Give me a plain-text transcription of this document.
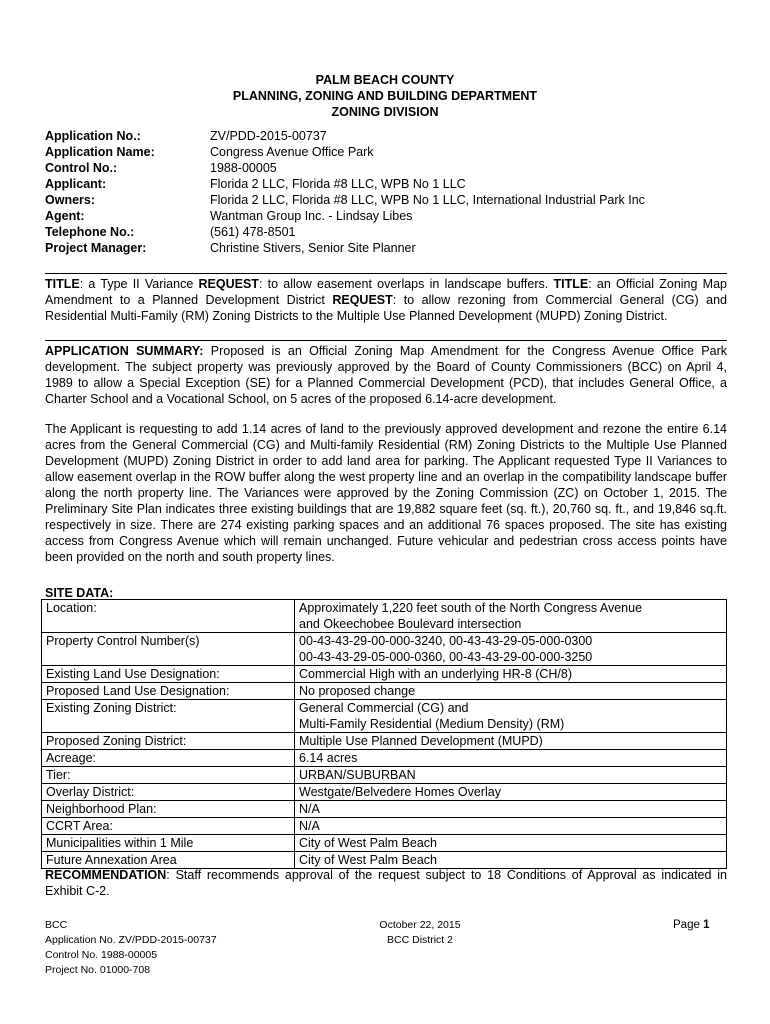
PALM BEACH COUNTY
PLANNING, ZONING AND BUILDING DEPARTMENT
ZONING DIVISION
Application No.:	ZV/PDD-2015-00737
Application Name:	Congress Avenue Office Park
Control No.:	1988-00005
Applicant:	Florida 2 LLC, Florida #8 LLC, WPB No 1 LLC
Owners:	Florida 2 LLC, Florida #8 LLC, WPB No 1 LLC, International Industrial Park Inc
Agent:	Wantman Group Inc. - Lindsay Libes
Telephone No.:	(561) 478-8501
Project Manager:	Christine Stivers, Senior Site Planner
TITLE: a Type II Variance REQUEST: to allow easement overlaps in landscape buffers. TITLE: an Official Zoning Map Amendment to a Planned Development District REQUEST: to allow rezoning from Commercial General (CG) and Residential Multi-Family (RM) Zoning Districts to the Multiple Use Planned Development (MUPD) Zoning District.
APPLICATION SUMMARY: Proposed is an Official Zoning Map Amendment for the Congress Avenue Office Park development. The subject property was previously approved by the Board of County Commissioners (BCC) on April 4, 1989 to allow a Special Exception (SE) for a Planned Commercial Development (PCD), that includes General Office, a Charter School and a Vocational School, on 5 acres of the proposed 6.14-acre development.
The Applicant is requesting to add 1.14 acres of land to the previously approved development and rezone the entire 6.14 acres from the General Commercial (CG) and Multi-family Residential (RM) Zoning Districts to the Multiple Use Planned Development (MUPD) Zoning District in order to add land area for parking. The Applicant requested Type II Variances to allow easement overlap in the ROW buffer along the west property line and an overlap in the compatibility landscape buffer along the north property line. The Variances were approved by the Zoning Commission (ZC) on October 1, 2015. The Preliminary Site Plan indicates three existing buildings that are 19,882 square feet (sq. ft.), 20,760 sq. ft., and 19,846 sq.ft. respectively in size. There are 274 existing parking spaces and an additional 76 spaces proposed. The site has existing access from Congress Avenue which will remain unchanged. Future vehicular and pedestrian cross access points have been provided on the north and south property lines.
SITE DATA:
Location:	Approximately 1,220 feet south of the North Congress Avenue
and Okeechobee Boulevard intersection

Property Control Number(s)	00-43-43-29-00-000-3240, 00-43-43-29-05-000-0300
00-43-43-29-05-000-0360, 00-43-43-29-00-000-3250

Existing Land Use Designation:	Commercial High with an underlying HR-8 (CH/8)
Proposed Land Use Designation:	No proposed change
Existing Zoning District:	General Commercial (CG) and
Multi-Family Residential (Medium Density) (RM)

Proposed Zoning District:	Multiple Use Planned Development (MUPD)
Acreage:	6.14 acres
Tier:	URBAN/SUBURBAN
Overlay District:	Westgate/Belvedere Homes Overlay
Neighborhood Plan:	N/A
CCRT Area:	N/A
Municipalities within 1 Mile	City of West Palm Beach
Future Annexation Area	City of West Palm Beach
RECOMMENDATION: Staff recommends approval of the request subject to 18 Conditions of Approval as indicated in Exhibit C-2.
BCC
Application No. ZV/PDD-2015-00737
Control No. 1988-00005
Project No. 01000-708
October 22, 2015
BCC District 2
Page 1
